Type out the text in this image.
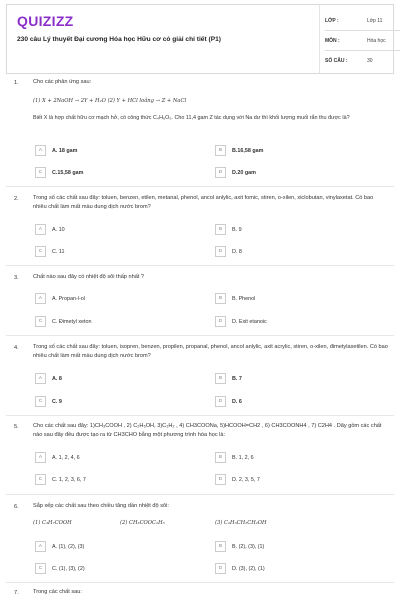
QUIZIZZ
230 câu Lý thuyết Đại cương Hóa học Hữu cơ có giải chi tiết (P1)
LỚP :	Lớp 11
MÔN :	Hóa học
SỐ CÂU :	30
1.	Cho các phản ứng sau:
(1) X + 2NaOH → 2Y + H₂O (2) Y + HCl loãng → Z + NaCl
Biết X là hợp chất hữu cơ mạch hở, có công thức C₄H₆O₅. Cho 11,4 gam Z tác dụng với Na dư thì khối lượng muối rắn thu được là?
A	A. 18 gam	B	B.16,58 gam
C	C.15,58 gam	D	D.20 gam
2.	Trong số các chất sau đây: toluen, benzen, etilen, metanal, phenol, ancol anlylic, axit fomic, stiren, o-xilen, xiclobutan, vinylaxetat. Có bao nhiêu chất làm mất màu dung dịch nước brom?
A	A. 10	B	B. 9
C	C. 11	D	D. 8
3.	Chất nào sau đây có nhiệt độ sôi thấp nhất ?
A	A. Propan-l-ol	B	B. Phenol
C	C. Đimetyl xeton	D	D. Exit etanoic
4.	Trong số các chất sau đây: toluen, isopren, benzen, propilen, propanal, phenol, ancol anlylic, axit acrylic, stiren, o-xilen, đimetylaxetilen. Có bao nhiêu chất làm mất màu dung dịch nước brom?
A	A. 8	B	B. 7
C	C. 9	D	D. 6
5.	Cho các chất sau đây: 1)CH₃COOH , 2) C₂H₅OH, 3)C₂H₂ , 4) CH3COONa, 5)HCOOH=CH2 , 6) CH3COONH4 , 7) C2H4 . Dãy gồm các chất nào sau đây đều được tạo ra từ CH3CHO bằng một phương trình hóa học là:
A	A. 1, 2, 4, 6	B	B. 1, 2, 6
C	C. 1, 2, 3, 6, 7	D	D. 2, 3, 5, 7
6.	Sắp xếp các chất sau theo chiều tăng dần nhiệt độ sôi:
(1) C₃H₇COOH	(2) CH₃COOC₂H₅	(3) C₂H₅CH₂CH₂OH
A	A. (1), (2), (3)	B	B. (2), (3), (1)
C	C. (1), (3), (2)	D	D. (3), (2), (1)
7.	Trong các chất sau:
